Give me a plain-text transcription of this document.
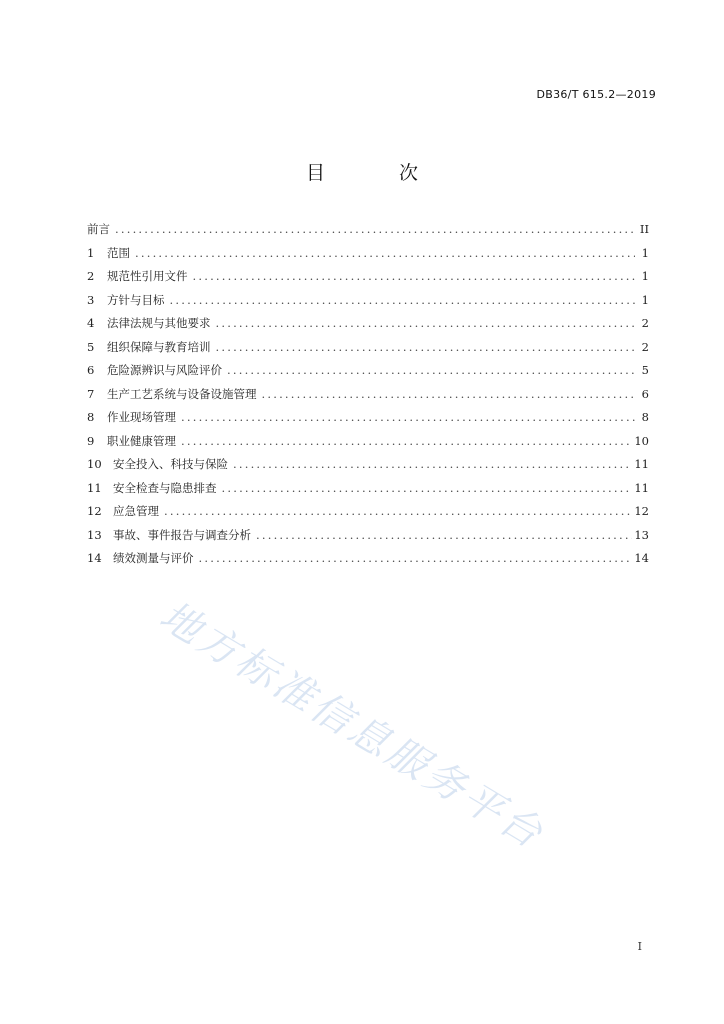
DB36/T 615.2—2019
目 次
前言 .....	II
1	范围 .....	1
2	规范性引用文件 .....	1
3	方针与目标 .....	1
4	法律法规与其他要求 .....	2
5	组织保障与教育培训 .....	2
6	危险源辨识与风险评价 .....	5
7	生产工艺系统与设备设施管理 .....	6
8	作业现场管理 .....	8
9	职业健康管理 .....	10
10 安全投入、科技与保险 .....	11
11 安全检查与隐患排查 .....	11
12 应急管理 .....	12
13 事故、事件报告与调查分析 .....	13
14 绩效测量与评价 .....	14
地方标准信息服务平台
I
